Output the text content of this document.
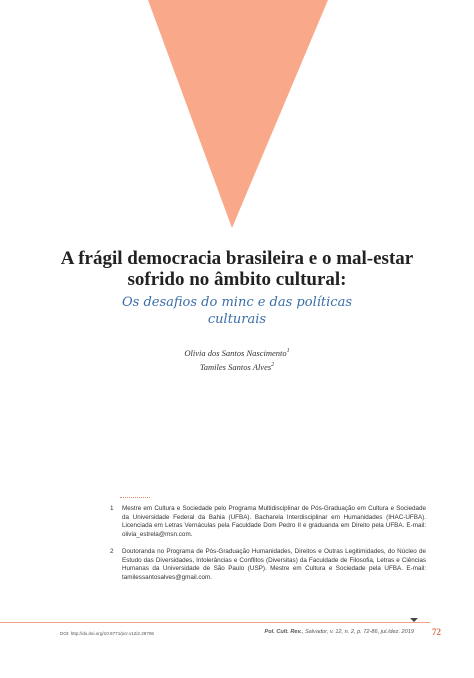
A frágil democracia brasileira e o mal-estar
sofrido no âmbito cultural:
Os desafios do minc e das políticas
culturais
Olivia dos Santos Nascimento$^1$
Tamiles Santos Alves$^2$
1 Mestre em Cultura e Sociedade pelo Programa Multidisciplinar de Pós-Graduação em Cultura e Sociedade da Universidade Federal da Bahia (UFBA). Bacharela Interdisciplinar em Humanidades (IHAC-UFBA). Licenciada em Letras Vernáculas pela Faculdade Dom Pedro II e graduanda em Direito pela UFBA. E-mail: olivia_estrela@msn.com.
2 Doutoranda no Programa de Pós-Graduação Humanidades, Direitos e Outras Legitimidades, do Núcleo de Estudo das Diversidades, Intolerâncias e Conflitos (Diversitas) da Faculdade de Filosofia, Letras e Ciências Humanas da Universidade de São Paulo (USP). Mestre em Cultura e Sociedade pela UFBA. E-mail: tamilessantosalves@gmail.com.
DOI: http://dx.doi.org/10.9771/pcr.v12i2.28706	Pol. Cult. Rev., Salvador, v. 12, n. 2, p. 72-86, jul./dez. 2019 72
